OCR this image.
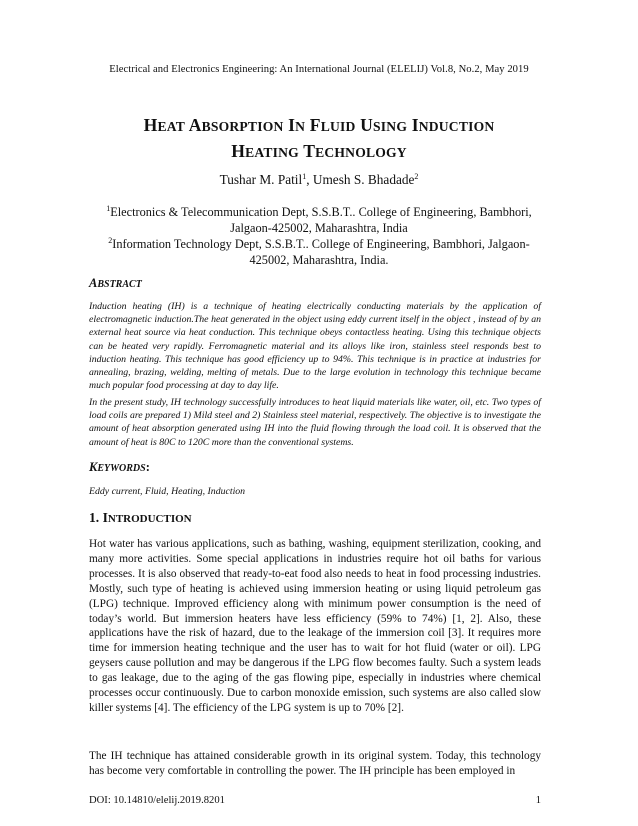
Electrical and Electronics Engineering: An International Journal (ELELIJ) Vol.8, No.2, May 2019
HEAT ABSORPTION IN FLUID USING INDUCTION
HEATING TECHNOLOGY
Tushar M. Patil$^1$, Umesh S. Bhadade$^2$
$^1$Electronics & Telecommunication Dept, S.S.B.T.. College of Engineering, Bambhori,
Jalgaon-425002, Maharashtra, India
$^2$Information Technology Dept, S.S.B.T.. College of Engineering, Bambhori, Jalgaon-
425002, Maharashtra, India.
ABSTRACT

Induction heating (IH) is a technique of heating electrically conducting materials by the application of electromagnetic induction.The heat generated in the object using eddy current itself in the object , instead of by an external heat source via heat conduction. This technique obeys contactless heating. Using this technique objects can be heated very rapidly. Ferromagnetic material and its alloys like iron, stainless steel responds best to induction heating. This technique has good efficiency up to 94%. This technique is in practice at industries for annealing, brazing, welding, melting of metals. Due to the large evolution in technology this technique became much popular food processing at day to day life.

In the present study, IH technology successfully introduces to heat liquid materials like water, oil, etc. Two types of load coils are prepared 1) Mild steel and 2) Stainless steel material, respectively. The objective is to investigate the amount of heat absorption generated using IH into the fluid flowing through the load coil. It is observed that the amount of heat is 80C to 120C more than the conventional systems.

KEYWORDS:
Eddy current, Fluid, Heating, Induction
1. INTRODUCTION

Hot water has various applications, such as bathing, washing, equipment sterilization, cooking, and many more activities. Some special applications in industries require hot oil baths for various processes. It is also observed that ready-to-eat food also needs to heat in food processing industries. Mostly, such type of heating is achieved using immersion heating or using liquid petroleum gas (LPG) technique. Improved efficiency along with minimum power consumption is the need of today’s world. But immersion heaters have less efficiency (59% to 74%) [1, 2]. Also, these applications have the risk of hazard, due to the leakage of the immersion coil [3]. It requires more time for immersion heating technique and the user has to wait for hot fluid (water or oil). LPG geysers cause pollution and may be dangerous if the LPG flow becomes faulty. Such a system leads to gas leakage, due to the aging of the gas flowing pipe, especially in industries where chemical processes occur continuously. Due to carbon monoxide emission, such systems are also called slow killer systems [4]. The efficiency of the LPG system is up to 70% [2].

The IH technique has attained considerable growth in its original system. Today, this technology has become very comfortable in controlling the power. The IH principle has been employed in

DOI: 10.14810/elelij.2019.8201	1
